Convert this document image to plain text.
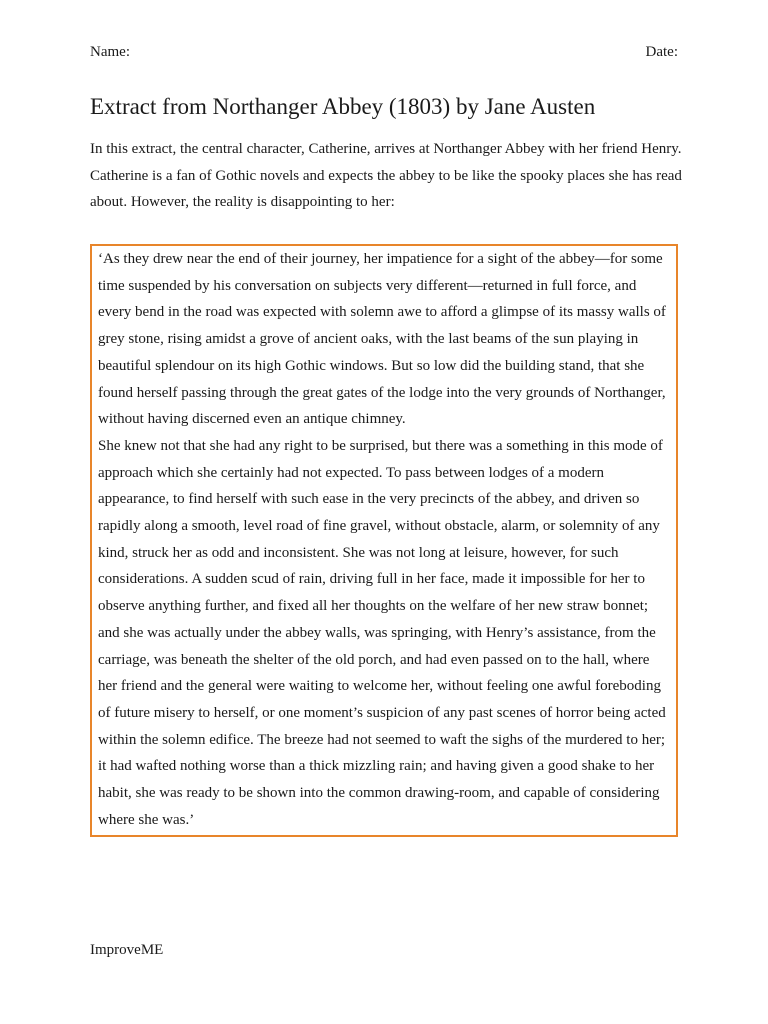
Name:	Date:
Extract from Northanger Abbey (1803) by Jane Austen

In this extract, the central character, Catherine, arrives at Northanger Abbey with her friend Henry. Catherine is a fan of Gothic novels and expects the abbey to be like the spooky places she has read about. However, the reality is disappointing to her:

‘As they drew near the end of their journey, her impatience for a sight of the abbey—for some time suspended by his conversation on subjects very different—returned in full force, and every bend in the road was expected with solemn awe to afford a glimpse of its massy walls of grey stone, rising amidst a grove of ancient oaks, with the last beams of the sun playing in beautiful splendour on its high Gothic windows. But so low did the building stand, that she found herself passing through the great gates of the lodge into the very grounds of Northanger, without having discerned even an antique chimney.

She knew not that she had any right to be surprised, but there was a something in this mode of approach which she certainly had not expected. To pass between lodges of a modern appearance, to find herself with such ease in the very precincts of the abbey, and driven so rapidly along a smooth, level road of fine gravel, without obstacle, alarm, or solemnity of any kind, struck her as odd and inconsistent. She was not long at leisure, however, for such considerations. A sudden scud of rain, driving full in her face, made it impossible for her to observe anything further, and fixed all her thoughts on the welfare of her new straw bonnet; and she was actually under the abbey walls, was springing, with Henry’s assistance, from the carriage, was beneath the shelter of the old porch, and had even passed on to the hall, where her friend and the general were waiting to welcome her, without feeling one awful foreboding of future misery to herself, or one moment’s suspicion of any past scenes of horror being acted within the solemn edifice. The breeze had not seemed to waft the sighs of the murdered to her; it had wafted nothing worse than a thick mizzling rain; and having given a good shake to her habit, she was ready to be shown into the common drawing-room, and capable of considering where she was.’

ImproveME
